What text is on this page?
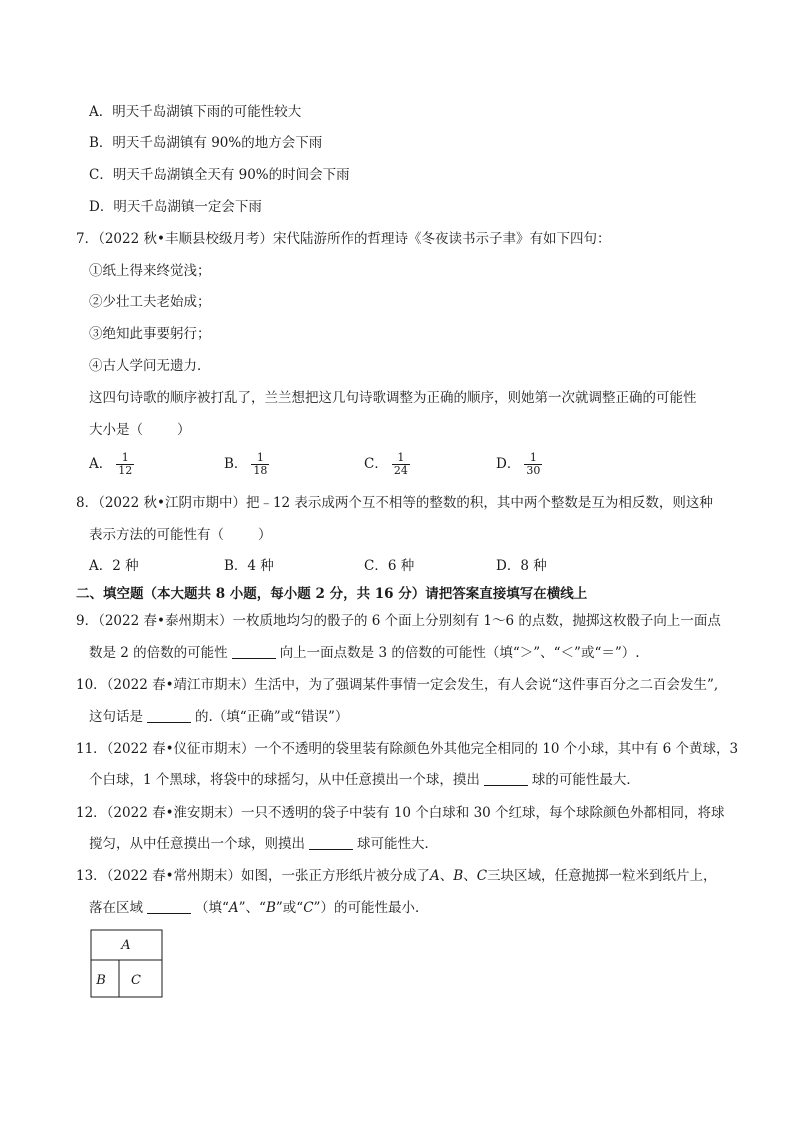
A．明天千岛湖镇下雨的可能性较大
B．明天千岛湖镇有 90%的地方会下雨
C．明天千岛湖镇全天有 90%的时间会下雨
D．明天千岛湖镇一定会下雨
7．（2022 秋•丰顺县校级月考）宋代陆游所作的哲理诗《冬夜读书示子聿》有如下四句：
①纸上得来终觉浅；
②少壮工夫老始成；
③绝知此事要躬行；
④古人学问无遗力．
这四句诗歌的顺序被打乱了，兰兰想把这几句诗歌调整为正确的顺序，则她第一次就调整正确的可能性
大小是（	）
A． $\frac{1}{12}$	B． $\frac{1}{18}$	C． $\frac{1}{24}$	D． $\frac{1}{30}$
8．（2022 秋•江阴市期中）把﹣12 表示成两个互不相等的整数的积，其中两个整数是互为相反数，则这种
表示方法的可能性有（	）
A．2 种	B．4 种	C．6 种	D．8 种
二、填空题（本大题共 8 小题，每小题 2 分，共 16 分）请把答案直接填写在横线上
9．（2022 春•泰州期末）一枚质地均匀的骰子的 6 个面上分别刻有 1～6 的点数，抛掷这枚骰子向上一面点
数是 2 的倍数的可能性	向上一面点数是 3 的倍数的可能性（填“＞”、“＜”或“＝”）.
10．（2022 春•靖江市期末）生活中，为了强调某件事情一定会发生，有人会说“这件事百分之二百会发生”,
这句话是	的.（填“正确”或“错误”）
11．（2022 春•仪征市期末）一个不透明的袋里装有除颜色外其他完全相同的 10 个小球，其中有 6 个黄球，3
个白球，1 个黑球，将袋中的球摇匀，从中任意摸出一个球，摸出	球的可能性最大．
12．（2022 春•淮安期末）一只不透明的袋子中装有 10 个白球和 30 个红球，每个球除颜色外都相同，将球
搅匀，从中任意摸出一个球，则摸出	球可能性大．
13．（2022 春•常州期末）如图，一张正方形纸片被分成了A、B、C三块区域，任意抛掷一粒米到纸片上，
落在区域	（填“A”、“B”或“C”）的可能性最小．
A
B C
